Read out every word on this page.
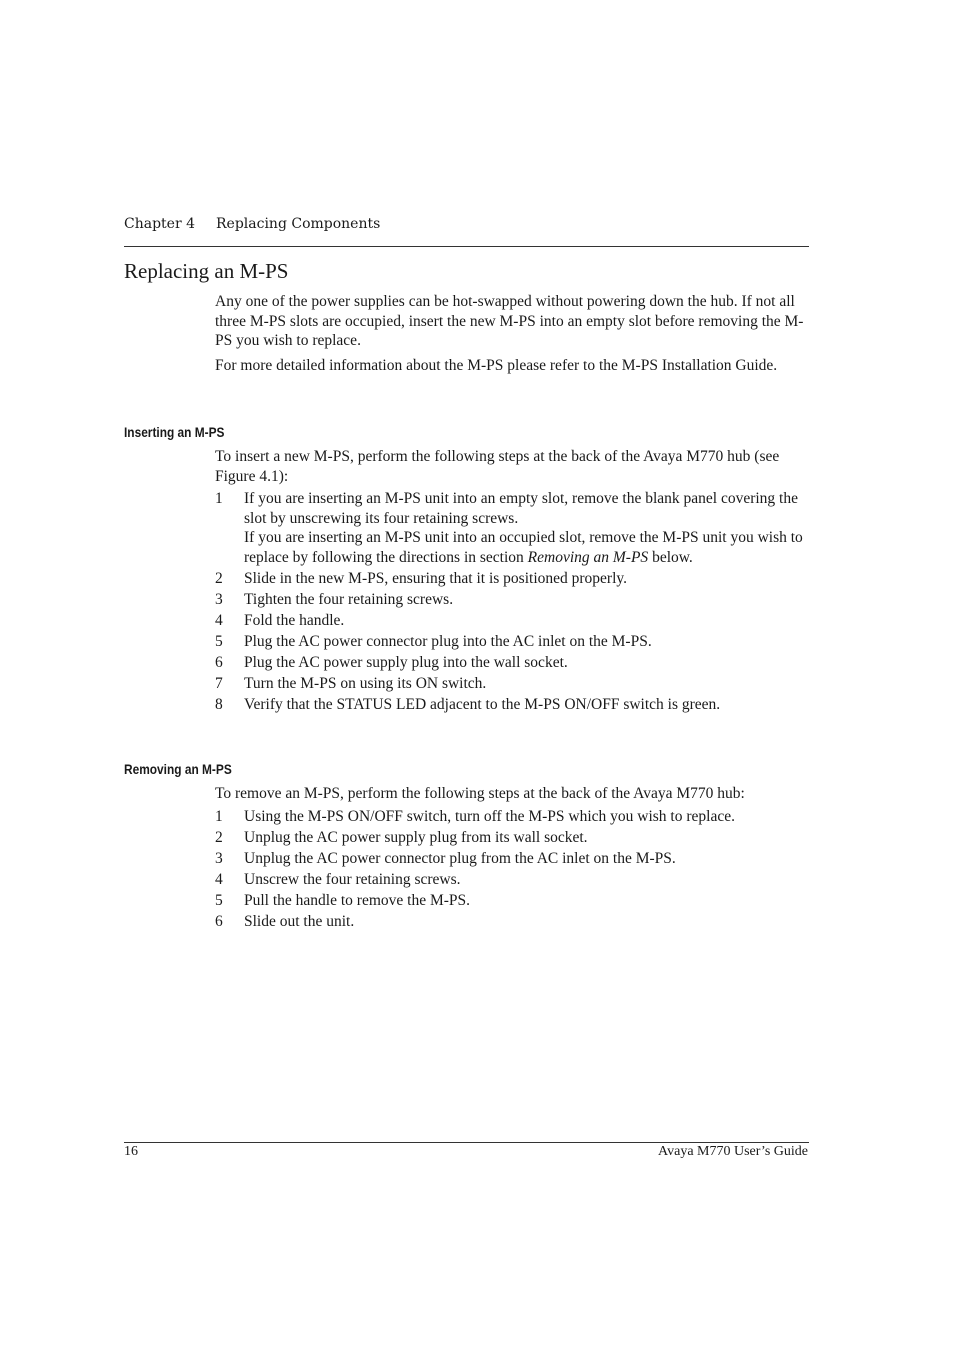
Chapter 4 Replacing Components
Replacing an M-PS

Any one of the power supplies can be hot-swapped without powering down the hub. If not all three M-PS slots are occupied, insert the new M-PS into an empty slot before removing the M-PS you wish to replace.

For more detailed information about the M-PS please refer to the M-PS Installation Guide.

Inserting an M-PS

To insert a new M-PS, perform the following steps at the back of the Avaya M770 hub (see Figure 4.1):

1 If you are inserting an M-PS unit into an empty slot, remove the blank panel covering the slot by unscrewing its four retaining screws.
If you are inserting an M-PS unit into an occupied slot, remove the M-PS unit you wish to replace by following the directions in section Removing an M-PS below.
2 Slide in the new M-PS, ensuring that it is positioned properly.
3 Tighten the four retaining screws.
4 Fold the handle.
5 Plug the AC power connector plug into the AC inlet on the M-PS.
6 Plug the AC power supply plug into the wall socket.
7 Turn the M-PS on using its ON switch.
8 Verify that the STATUS LED adjacent to the M-PS ON/OFF switch is green.
Removing an M-PS

To remove an M-PS, perform the following steps at the back of the Avaya M770 hub:

1 Using the M-PS ON/OFF switch, turn off the M-PS which you wish to replace.
2 Unplug the AC power supply plug from its wall socket.
3 Unplug the AC power connector plug from the AC inlet on the M-PS.
4 Unscrew the four retaining screws.
5 Pull the handle to remove the M-PS.
6 Slide out the unit.
16	Avaya M770 User’s Guide
